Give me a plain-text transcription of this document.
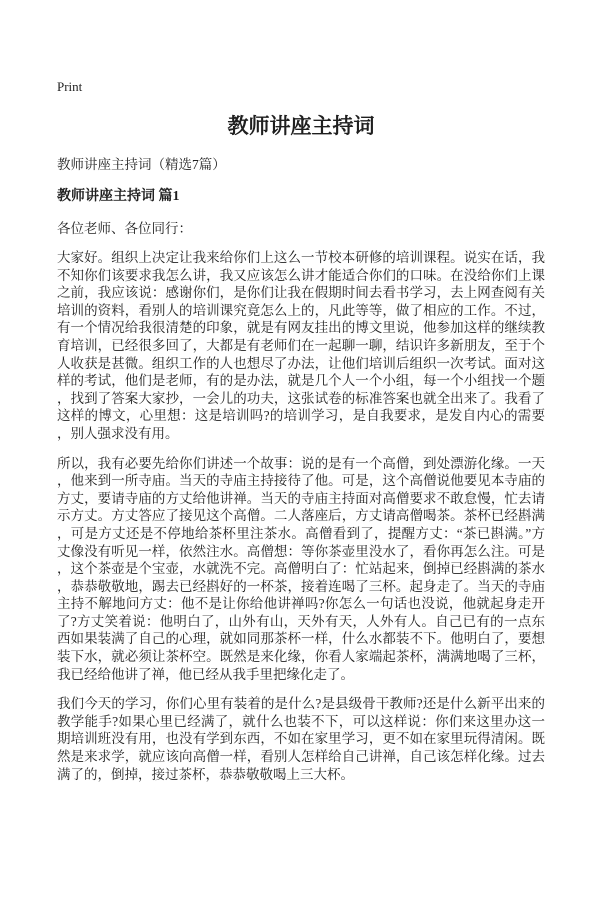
Print
教师讲座主持词

教师讲座主持词（精选7篇）

教师讲座主持词 篇1

各位老师、各位同行：

大家好。组织上决定让我来给你们上这么一节校本研修的培训课程。说实在话，我不知你们该要求我怎么讲，我又应该怎么讲才能适合你们的口味。在没给你们上课之前，我应该说：感谢你们，是你们让我在假期时间去看书学习，去上网查阅有关培训的资料，看别人的培训课究竟怎么上的，凡此等等，做了相应的工作。不过，有一个情况给我很清楚的印象，就是有网友挂出的博文里说，他参加这样的继续教育培训，已经很多回了，大都是有老师们在一起聊一聊，结识许多新朋友，至于个人收获是甚微。组织工作的人也想尽了办法，让他们培训后组织一次考试。面对这样的考试，他们是老师，有的是办法，就是几个人一个小组，每一个小组找一个题，找到了答案大家抄，一会儿的功夫，这张试卷的标准答案也就全出来了。我看了这样的博文，心里想：这是培训吗?的培训学习，是自我要求，是发自内心的需要，别人强求没有用。

所以，我有必要先给你们讲述一个故事：说的是有一个高僧，到处漂游化缘。一天，他来到一所寺庙。当天的寺庙主持接待了他。可是，这个高僧说他要见本寺庙的方丈，要请寺庙的方丈给他讲禅。当天的寺庙主持面对高僧要求不敢怠慢，忙去请示方丈。方丈答应了接见这个高僧。二人落座后，方丈请高僧喝茶。茶杯已经斟满，可是方丈还是不停地给茶杯里注茶水。高僧看到了，提醒方丈：“茶已斟满。”方丈像没有听见一样，依然注水。高僧想：等你茶壶里没水了，看你再怎么注。可是，这个茶壶是个宝壶，水就洗不完。高僧明白了：忙站起来，倒掉已经斟满的茶水，恭恭敬敬地，踢去已经斟好的一杯茶，接着连喝了三杯。起身走了。当天的寺庙主持不解地问方丈：他不是让你给他讲禅吗?你怎么一句话也没说，他就起身走开了?方丈笑着说：他明白了，山外有山，天外有天，人外有人。自己已有的一点东西如果装满了自己的心理，就如同那茶杯一样，什么水都装不下。他明白了，要想装下水，就必须让茶杯空。既然是来化缘，你看人家端起茶杯，满满地喝了三杯，我已经给他讲了禅，他已经从我手里把缘化走了。

我们今天的学习，你们心里有装着的是什么?是县级骨干教师?还是什么新平出来的教学能手?如果心里已经满了，就什么也装不下，可以这样说：你们来这里办这一期培训班没有用，也没有学到东西，不如在家里学习，更不如在家里玩得清闲。既然是来求学，就应该向高僧一样，看别人怎样给自己讲禅，自己该怎样化缘。过去满了的，倒掉，接过茶杯，恭恭敬敬喝上三大杯。
